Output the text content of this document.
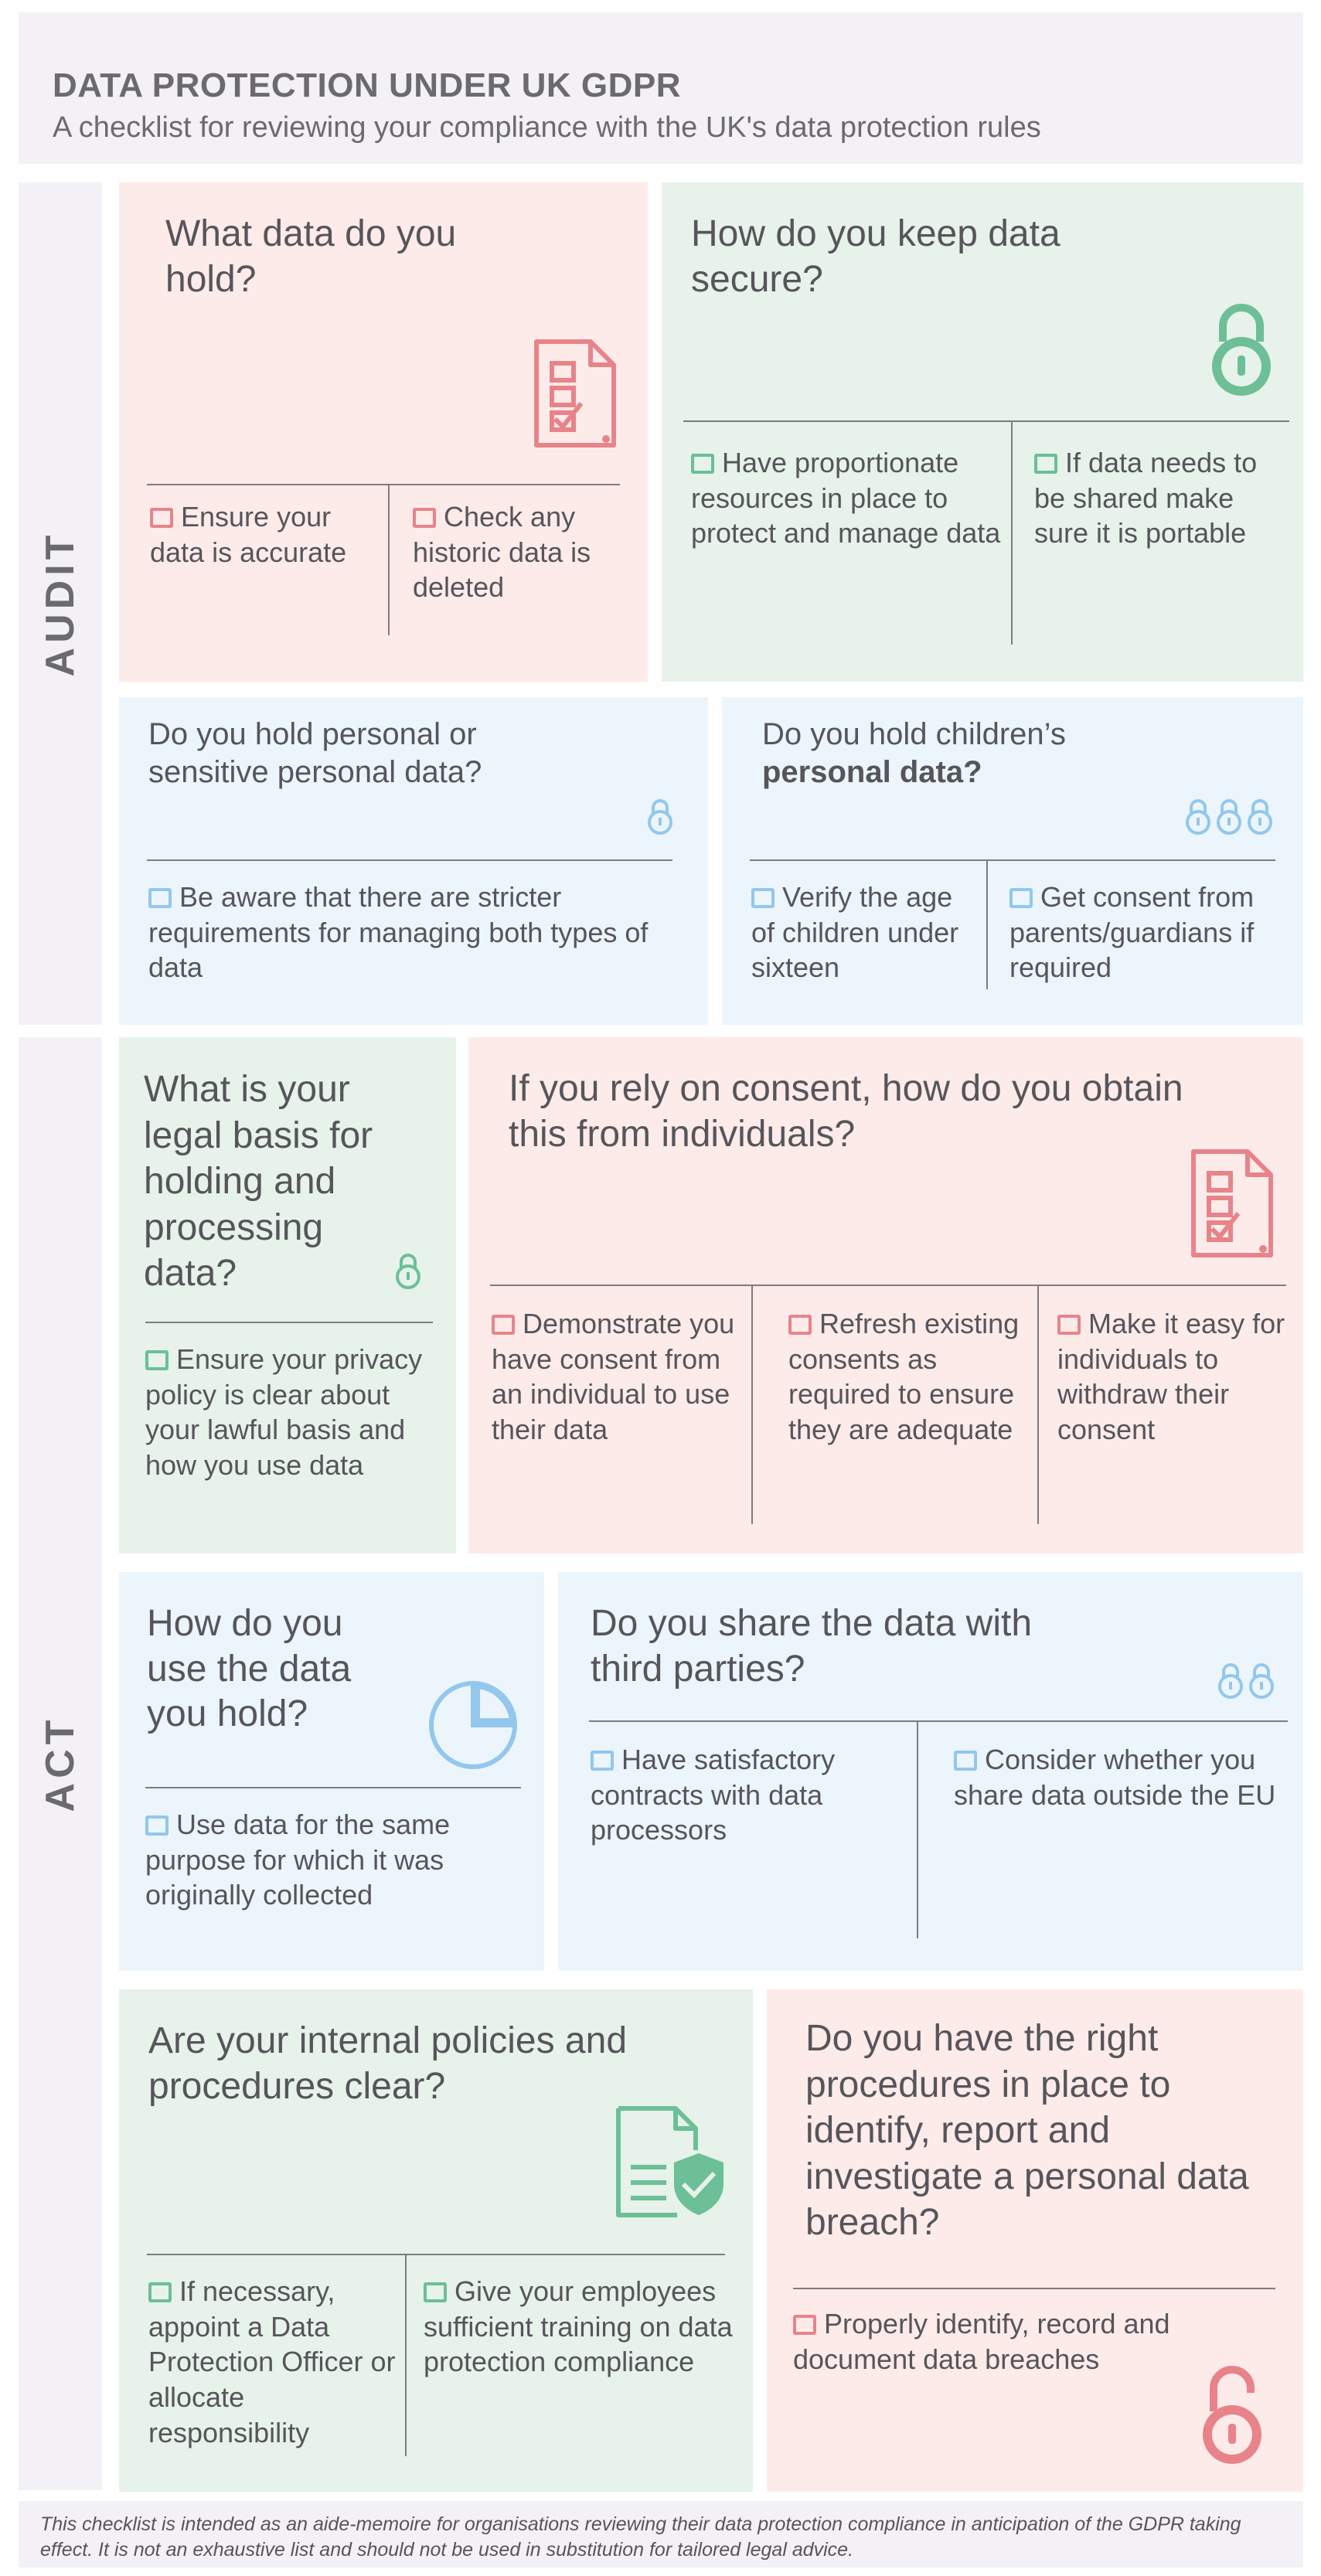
DATA PROTECTION UNDER UK GDPR

A checklist for reviewing your compliance with the UK's data protection rules

AUDIT
ACT
What data do you hold?
Ensure your data is accurate
Check any historic data is deleted
How do you keep data secure?
Have proportionate resources in place to protect and manage data
If data needs to be shared make sure it is portable
Do you hold personal or sensitive personal data?
Be aware that there are stricter requirements for managing both types of data
Do you hold children’s
personal data?
Verify the age of children under sixteen
Get consent from parents/guardians if required
What is your legal basis for holding and processing data?
Ensure your privacy policy is clear about your lawful basis and how you use data
If you rely on consent, how do you obtain this from individuals?
Demonstrate you have consent from an individual to use their data
Refresh existing consents as required to ensure they are adequate
Make it easy for individuals to withdraw their consent
How do you use the data you hold?
Use data for the same purpose for which it was originally collected
Do you share the data with third parties?
Have satisfactory contracts with data processors
Consider whether you share data outside the EU
Are your internal policies and procedures clear?
If necessary, appoint a Data Protection Officer or allocate responsibility
Give your employees sufficient training on data protection compliance
Do you have the right procedures in place to identify, report and investigate a personal data breach?
Properly identify, record and document data breaches

This checklist is intended as an aide-memoire for organisations reviewing their data protection compliance in anticipation of the GDPR taking effect. It is not an exhaustive list and should not be used in substitution for tailored legal advice.
